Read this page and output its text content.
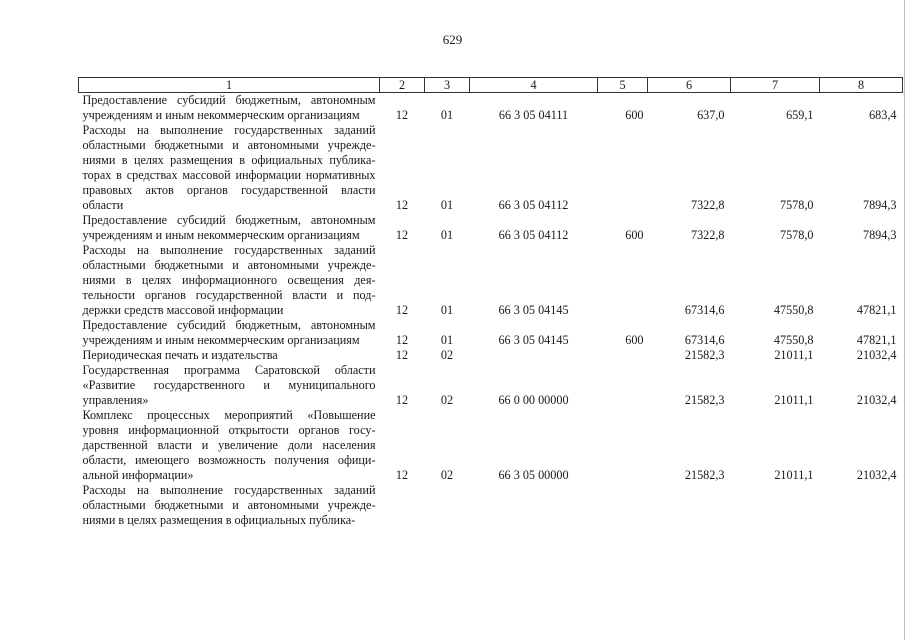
629
1	2	3	4	5	6	7	8
Предоставление субсидий бюджетным, автономным учреждениям и иным некоммерческим организациям	12	01	66 3 05 04111	600	637,0	659,1	683,4
Расходы на выполнение государственных заданий областными бюджетными и автономными учреждениями в целях размещения в официальных публикаторах в средствах массовой информации нормативных правовых актов органов государственной власти области	12	01	66 3 05 04112		7322,8	7578,0	7894,3
Предоставление субсидий бюджетным, автономным учреждениям и иным некоммерческим организациям	12	01	66 3 05 04112	600	7322,8	7578,0	7894,3
Расходы на выполнение государственных заданий областными бюджетными и автономными учреждениями в целях информационного освещения деятельности органов государственной власти и поддержки средств массовой информации	12	01	66 3 05 04145		67314,6	47550,8	47821,1
Предоставление субсидий бюджетным, автономным учреждениям и иным некоммерческим организациям	12	01	66 3 05 04145	600	67314,6	47550,8	47821,1
Периодическая печать и издательства	12	02			21582,3	21011,1	21032,4
Государственная программа Саратовской области «Развитие государственного и муниципального управления»	12	02	66 0 00 00000		21582,3	21011,1	21032,4
Комплекс процессных мероприятий «Повышение уровня информационной открытости органов государственной власти и увеличение доли населения области, имеющего возможность получения официальной информации»	12	02	66 3 05 00000		21582,3	21011,1	21032,4
Расходы на выполнение государственных заданий областными бюджетными и автономными учреждениями в целях размещения в официальных публика-							
